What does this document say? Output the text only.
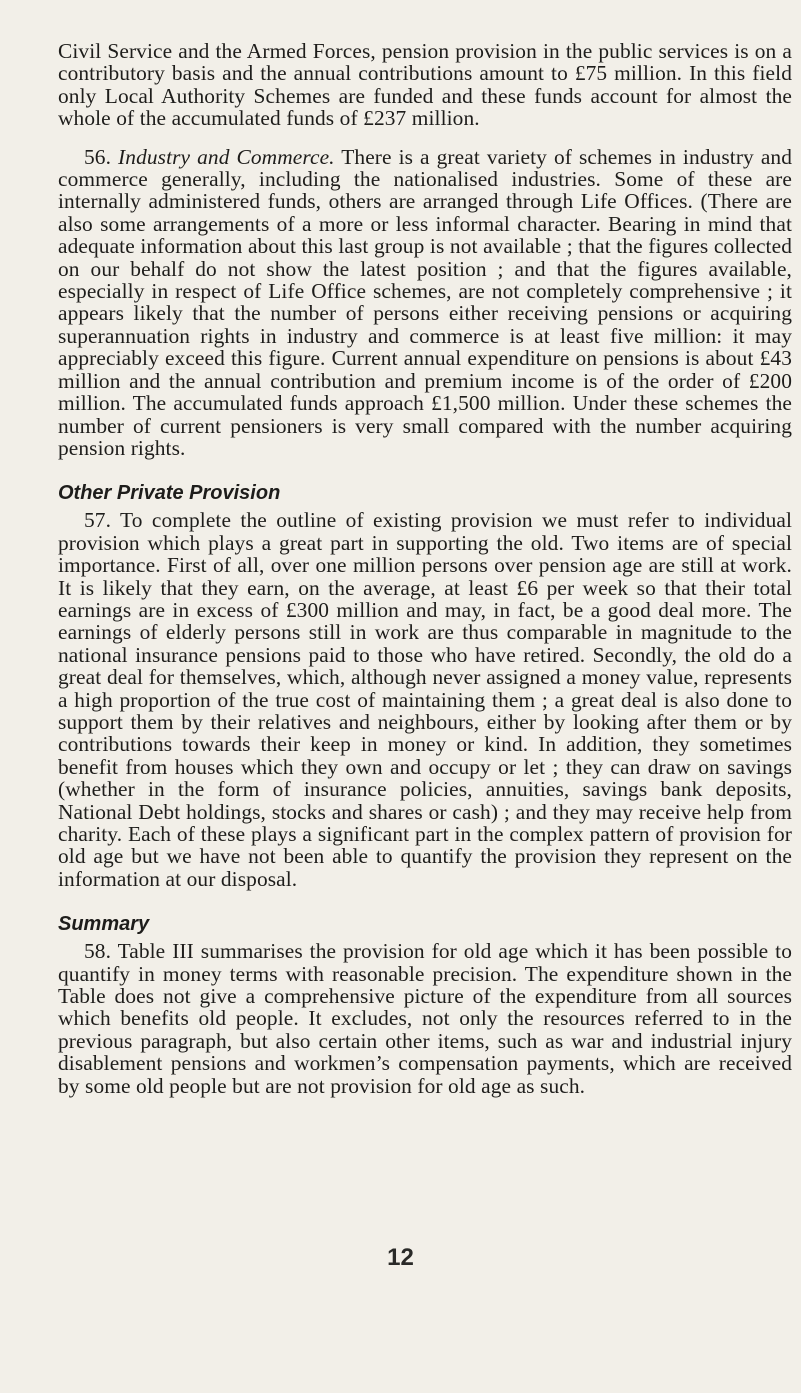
Civil Service and the Armed Forces, pension provision in the public services is on a contributory basis and the annual contributions amount to £75 million. In this field only Local Authority Schemes are funded and these funds account for almost the whole of the accumulated funds of £237 million.

56. Industry and Commerce. There is a great variety of schemes in industry and commerce generally, including the nationalised industries. Some of these are internally administered funds, others are arranged through Life Offices. (There are also some arrangements of a more or less informal character. Bearing in mind that adequate information about this last group is not available ; that the figures collected on our behalf do not show the latest position ; and that the figures available, especially in respect of Life Office schemes, are not completely comprehensive ; it appears likely that the number of persons either receiving pensions or acquiring superannuation rights in industry and commerce is at least five million: it may appreciably exceed this figure. Current annual expenditure on pensions is about £43 million and the annual contribution and premium income is of the order of £200 million. The accumulated funds approach £1,500 million. Under these schemes the number of current pensioners is very small compared with the number acquiring pension rights.

Other Private Provision

57. To complete the outline of existing provision we must refer to individual provision which plays a great part in supporting the old. Two items are of special importance. First of all, over one million persons over pension age are still at work. It is likely that they earn, on the average, at least £6 per week so that their total earnings are in excess of £300 million and may, in fact, be a good deal more. The earnings of elderly persons still in work are thus comparable in magnitude to the national insurance pensions paid to those who have retired. Secondly, the old do a great deal for themselves, which, although never assigned a money value, represents a high proportion of the true cost of maintaining them ; a great deal is also done to support them by their relatives and neighbours, either by looking after them or by contributions towards their keep in money or kind. In addition, they sometimes benefit from houses which they own and occupy or let ; they can draw on savings (whether in the form of insurance policies, annuities, savings bank deposits, National Debt holdings, stocks and shares or cash) ; and they may receive help from charity. Each of these plays a significant part in the complex pattern of provision for old age but we have not been able to quantify the provision they represent on the information at our disposal.

Summary

58. Table III summarises the provision for old age which it has been possible to quantify in money terms with reasonable precision. The expenditure shown in the Table does not give a comprehensive picture of the expenditure from all sources which benefits old people. It excludes, not only the resources referred to in the previous paragraph, but also certain other items, such as war and industrial injury disablement pensions and workmen’s compensation payments, which are received by some old people but are not provision for old age as such.

12
